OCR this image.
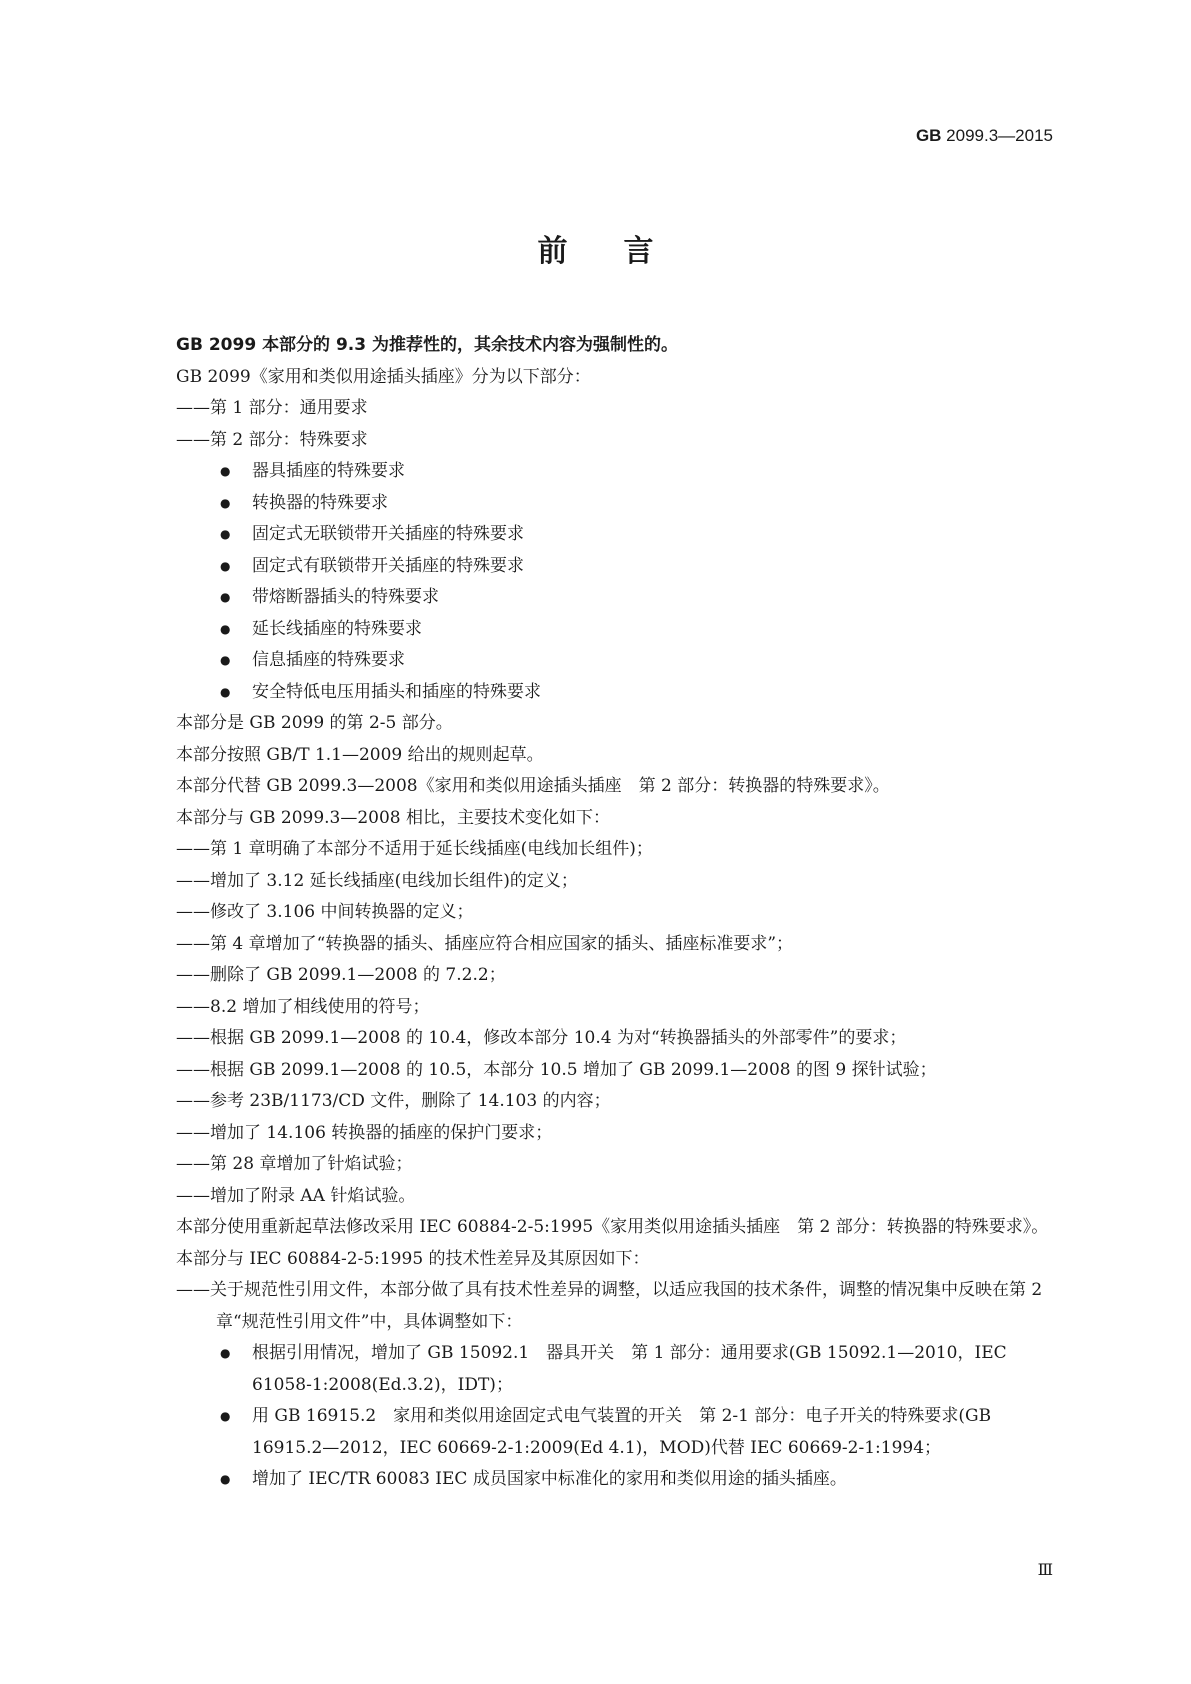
GB 2099.3—2015
前言

GB 2099 本部分的 9.3 为推荐性的，其余技术内容为强制性的。

GB 2099《家用和类似用途插头插座》分为以下部分：

——第 1 部分：通用要求

——第 2 部分：特殊要求

● 器具插座的特殊要求

● 转换器的特殊要求

● 固定式无联锁带开关插座的特殊要求

● 固定式有联锁带开关插座的特殊要求

● 带熔断器插头的特殊要求

● 延长线插座的特殊要求

● 信息插座的特殊要求

● 安全特低电压用插头和插座的特殊要求

本部分是 GB 2099 的第 2-5 部分。

本部分按照 GB/T 1.1—2009 给出的规则起草。

本部分代替 GB 2099.3—2008《家用和类似用途插头插座　第 2 部分：转换器的特殊要求》。

本部分与 GB 2099.3—2008 相比，主要技术变化如下：

——第 1 章明确了本部分不适用于延长线插座(电线加长组件)；

——增加了 3.12 延长线插座(电线加长组件)的定义；

——修改了 3.106 中间转换器的定义；

——第 4 章增加了“转换器的插头、插座应符合相应国家的插头、插座标准要求”；

——删除了 GB 2099.1—2008 的 7.2.2；

——8.2 增加了相线使用的符号；

——根据 GB 2099.1—2008 的 10.4，修改本部分 10.4 为对“转换器插头的外部零件”的要求；

——根据 GB 2099.1—2008 的 10.5，本部分 10.5 增加了 GB 2099.1—2008 的图 9 探针试验；

——参考 23B/1173/CD 文件，删除了 14.103 的内容；

——增加了 14.106 转换器的插座的保护门要求；

——第 28 章增加了针焰试验；

——增加了附录 AA 针焰试验。

本部分使用重新起草法修改采用 IEC 60884-2-5:1995《家用类似用途插头插座　第 2 部分：转换器的特殊要求》。

本部分与 IEC 60884-2-5:1995 的技术性差异及其原因如下：

——关于规范性引用文件，本部分做了具有技术性差异的调整，以适应我国的技术条件，调整的情况集中反映在第 2 章“规范性引用文件”中，具体调整如下：

● 根据引用情况，增加了 GB 15092.1　器具开关　第 1 部分：通用要求(GB 15092.1—2010，IEC 61058-1:2008(Ed.3.2)，IDT)；

● 用 GB 16915.2　家用和类似用途固定式电气装置的开关　第 2-1 部分：电子开关的特殊要求(GB 16915.2—2012，IEC 60669-2-1:2009(Ed 4.1)，MOD)代替 IEC 60669-2-1:1994；

● 增加了 IEC/TR 60083 IEC 成员国家中标准化的家用和类似用途的插头插座。

Ⅲ
